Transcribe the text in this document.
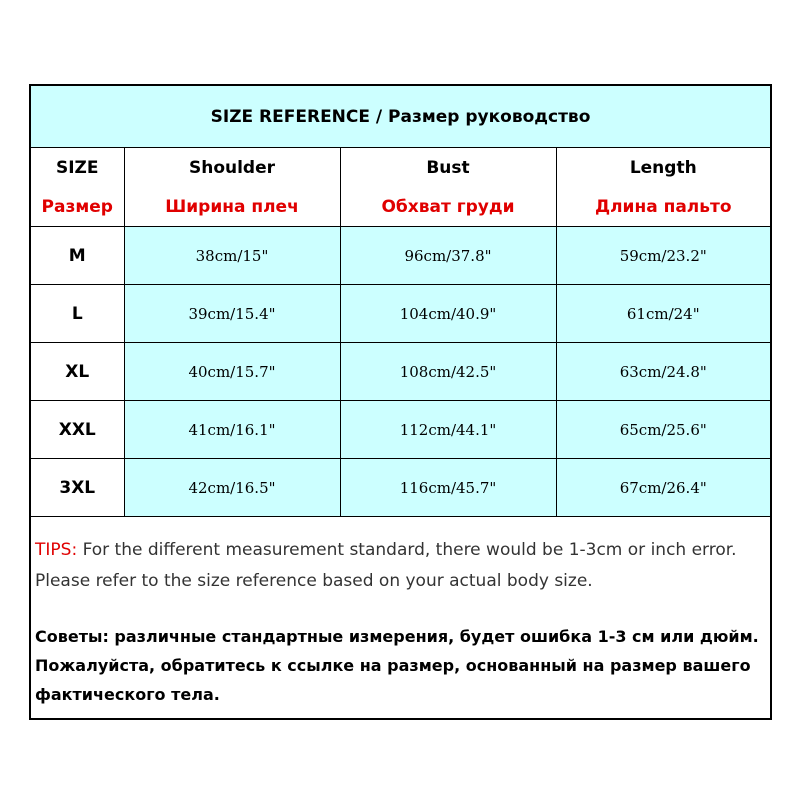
SIZE REFERENCE / Размер руководство			
SIZE	Shoulder	Bust	Length
Размер	Ширина плеч	Обхват груди	Длина пальто
M	38cm/15"	96cm/37.8"	59cm/23.2"
L	39cm/15.4"	104cm/40.9"	61cm/24"
XL	40cm/15.7"	108cm/42.5"	63cm/24.8"
XXL	41cm/16.1"	112cm/44.1"	65cm/25.6"
3XL	42cm/16.5"	116cm/45.7"	67cm/26.4"
TIPS: For the different measurement standard, there would be 1-3cm or inch error. Please refer to the size reference based on your actual body size.
Советы: различные стандартные измерения, будет ошибка 1-3 см или дюйм. Пожалуйста, обратитесь к ссылке на размер, основанный на размер вашего фактического тела.
